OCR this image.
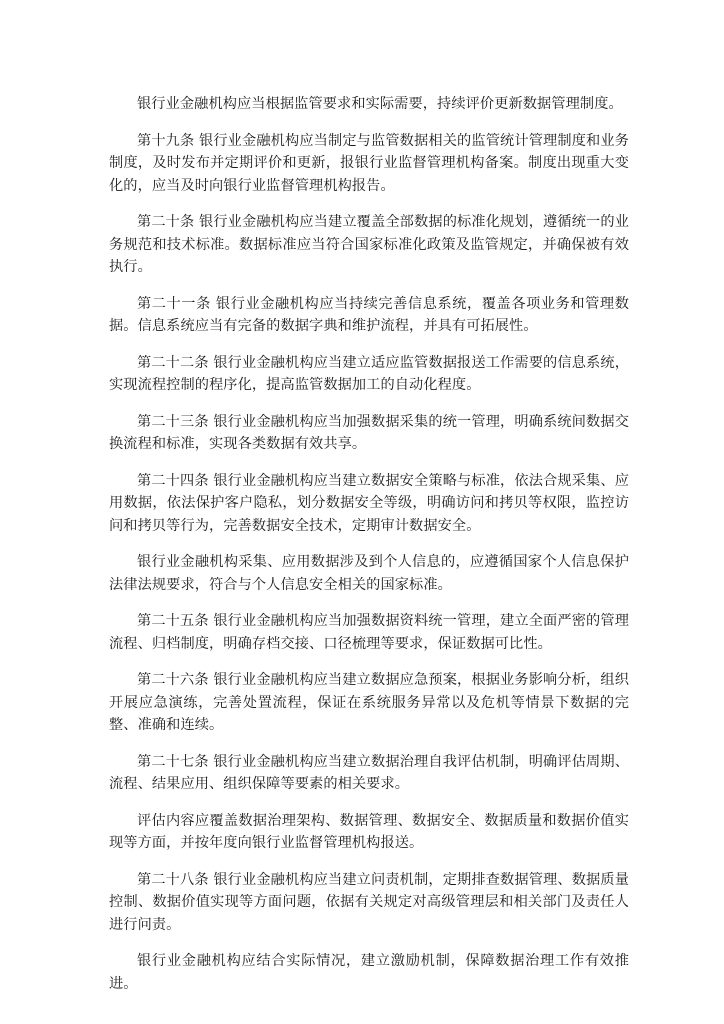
银行业金融机构应当根据监管要求和实际需要，持续评价更新数据管理制度。

第十九条 银行业金融机构应当制定与监管数据相关的监管统计管理制度和业务制度，及时发布并定期评价和更新，报银行业监督管理机构备案。制度出现重大变化的，应当及时向银行业监督管理机构报告。

第二十条 银行业金融机构应当建立覆盖全部数据的标准化规划，遵循统一的业务规范和技术标准。数据标准应当符合国家标准化政策及监管规定，并确保被有效执行。

第二十一条 银行业金融机构应当持续完善信息系统，覆盖各项业务和管理数据。信息系统应当有完备的数据字典和维护流程，并具有可拓展性。

第二十二条 银行业金融机构应当建立适应监管数据报送工作需要的信息系统，实现流程控制的程序化，提高监管数据加工的自动化程度。

第二十三条 银行业金融机构应当加强数据采集的统一管理，明确系统间数据交换流程和标准，实现各类数据有效共享。

第二十四条 银行业金融机构应当建立数据安全策略与标准，依法合规采集、应用数据，依法保护客户隐私，划分数据安全等级，明确访问和拷贝等权限，监控访问和拷贝等行为，完善数据安全技术，定期审计数据安全。

银行业金融机构采集、应用数据涉及到个人信息的，应遵循国家个人信息保护法律法规要求，符合与个人信息安全相关的国家标准。

第二十五条 银行业金融机构应当加强数据资料统一管理，建立全面严密的管理流程、归档制度，明确存档交接、口径梳理等要求，保证数据可比性。

第二十六条 银行业金融机构应当建立数据应急预案，根据业务影响分析，组织开展应急演练，完善处置流程，保证在系统服务异常以及危机等情景下数据的完整、准确和连续。

第二十七条 银行业金融机构应当建立数据治理自我评估机制，明确评估周期、流程、结果应用、组织保障等要素的相关要求。

评估内容应覆盖数据治理架构、数据管理、数据安全、数据质量和数据价值实现等方面，并按年度向银行业监督管理机构报送。

第二十八条 银行业金融机构应当建立问责机制，定期排查数据管理、数据质量控制、数据价值实现等方面问题，依据有关规定对高级管理层和相关部门及责任人进行问责。

银行业金融机构应结合实际情况，建立激励机制，保障数据治理工作有效推进。
